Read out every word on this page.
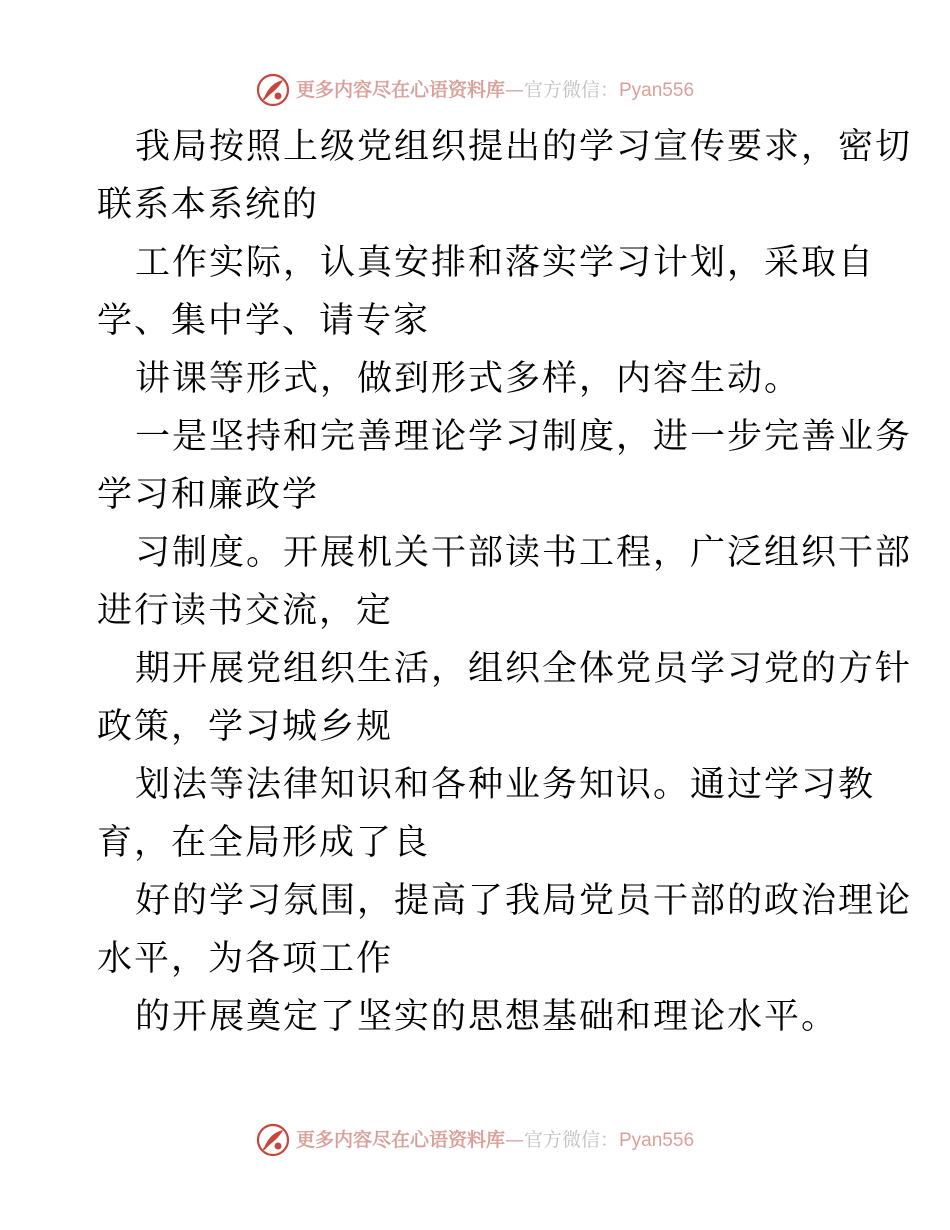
更多内容尽在心语资料库 — 官方微信： Pyan556
我局按照上级党组织提出的学习宣传要求，密切
联系本系统的
工作实际，认真安排和落实学习计划，采取自
学、集中学、请专家
讲课等形式，做到形式多样，内容生动。
一是坚持和完善理论学习制度，进一步完善业务
学习和廉政学
习制度。开展机关干部读书工程，广泛组织干部
进行读书交流，定
期开展党组织生活，组织全体党员学习党的方针
政策，学习城乡规
划法等法律知识和各种业务知识。通过学习教
育，在全局形成了良
好的学习氛围，提高了我局党员干部的政治理论
水平，为各项工作
的开展奠定了坚实的思想基础和理论水平。
更多内容尽在心语资料库 — 官方微信： Pyan556
